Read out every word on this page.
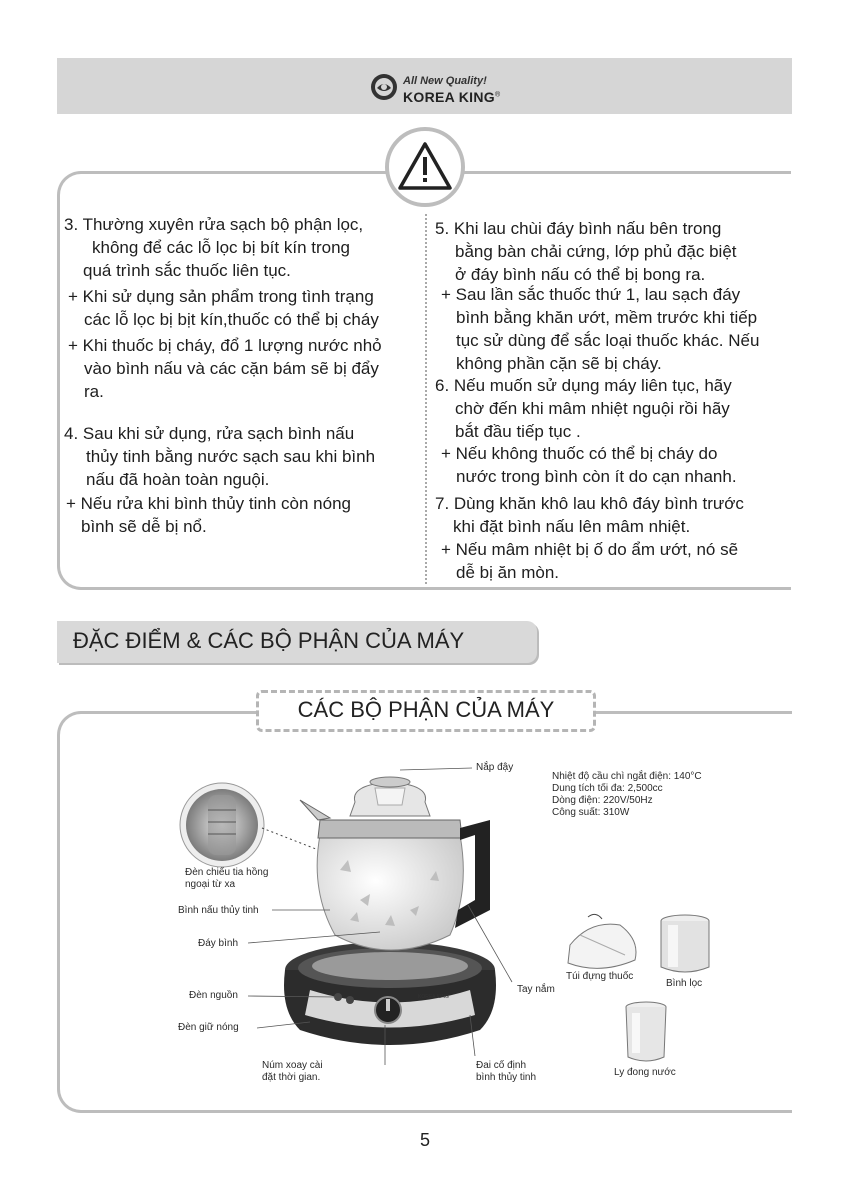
All New Quality!
KOREA KING®
3. Thường xuyên rửa sạch bộ phận lọc,
không để các lỗ lọc bị bít kín trong
quá trình sắc thuốc liên tục.
+ Khi sử dụng sản phẩm trong tình trạng
các lỗ lọc bị bịt kín,thuốc có thể bị cháy
+ Khi thuốc bị cháy, đổ 1 lượng nước nhỏ
vào bình nấu và các cặn bám sẽ bị đẩy
ra.
4. Sau khi sử dụng, rửa sạch bình nấu
thủy tinh bằng nước sạch sau khi bình
nấu đã hoàn toàn nguội.
+ Nếu rửa khi bình thủy tinh còn nóng
bình sẽ dễ bị nổ.
5. Khi lau chùi đáy bình nấu bên trong
bằng bàn chải cứng, lớp phủ đặc biệt
ở đáy bình nấu có thể bị bong ra.
+ Sau lần sắc thuốc thứ 1, lau sạch đáy
bình bằng khăn ướt, mềm trước khi tiếp
tục sử dùng để sắc loại thuốc khác. Nếu
không phần cặn sẽ bị cháy.
6. Nếu muốn sử dụng máy liên tục, hãy
chờ đến khi mâm nhiệt nguội rồi hãy
bắt đầu tiếp tục .
+ Nếu không thuốc có thể bị cháy do
nước trong bình còn ít do cạn nhanh.
7. Dùng khăn khô lau khô đáy bình trước
khi đặt bình nấu lên mâm nhiệt.
+ Nếu mâm nhiệt bị ố do ẩm ướt, nó sẽ
dễ bị ăn mòn.
ĐẶC ĐIỂM & CÁC BỘ PHẬN CỦA MÁY
CÁC BỘ PHẬN CỦA MÁY
Nhiệt độ cầu chì ngắt điện: 140°C
Dung tích tối đa: 2,500cc
Dòng điện: 220V/50Hz
Công suất: 310W
KOREA KING
Nắp đậy
Đèn chiếu tia hồng
ngoại từ xa
Bình nấu thủy tinh
Đáy bình
Đèn nguồn
Đèn giữ nóng
Núm xoay cài
đặt thời gian.
Tay nắm
Đai cố định
bình thủy tinh
Túi đựng thuốc
Bình lọc
Ly đong nước
5
